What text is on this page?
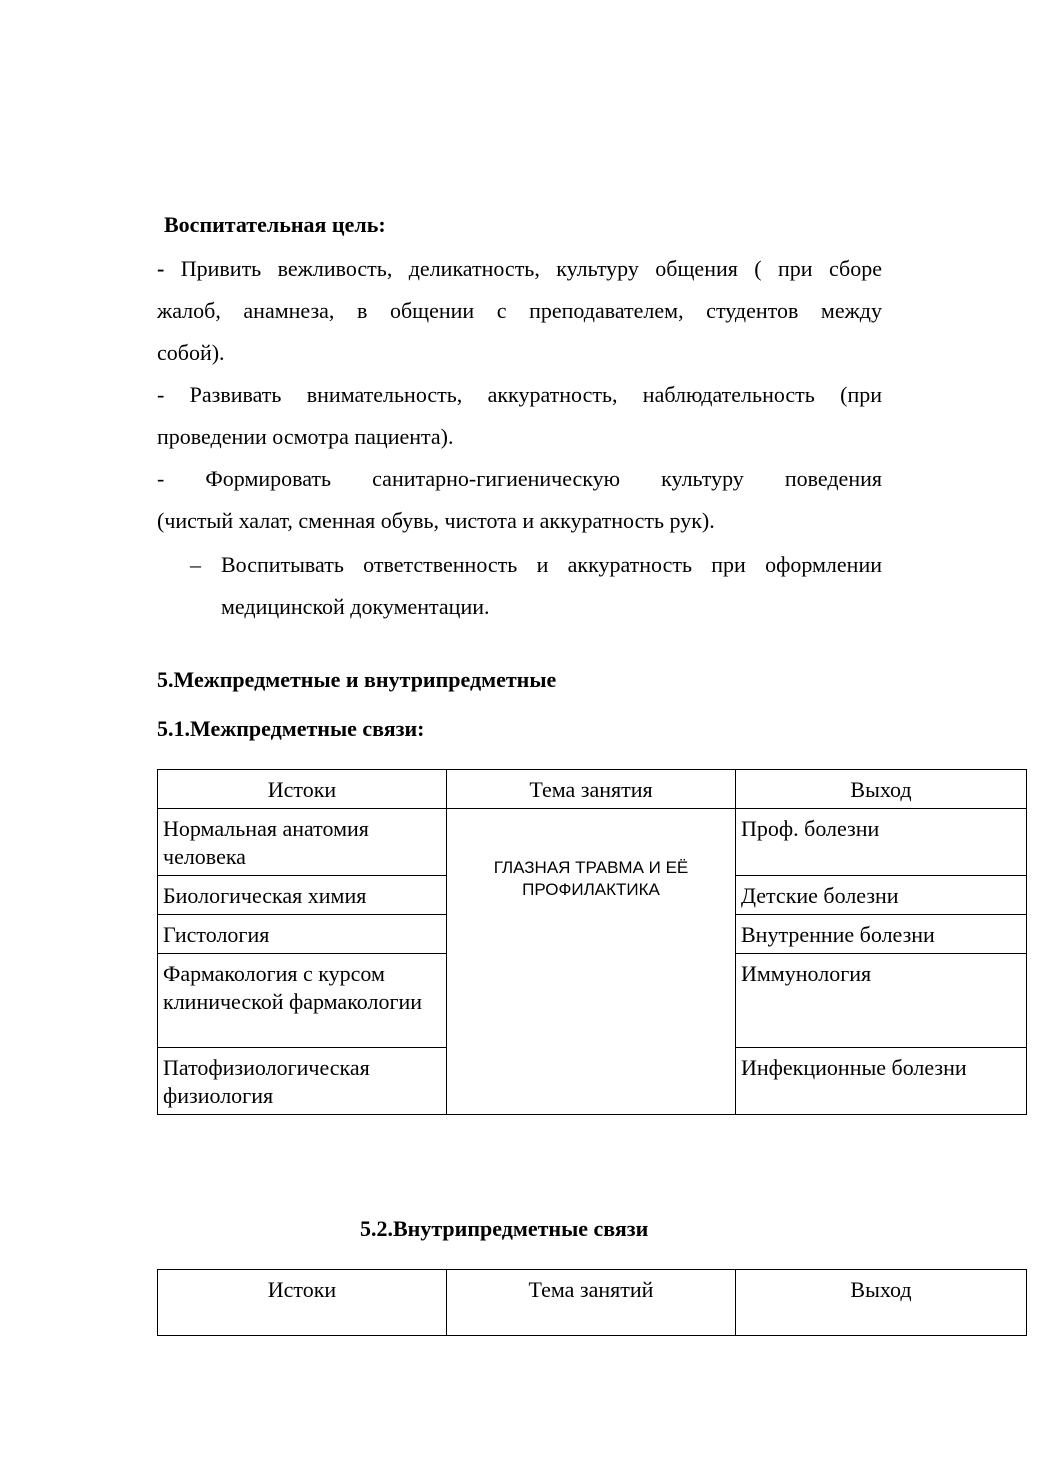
Воспитательная цель:
- Привить вежливость, деликатность, культуру общения ( при сборе
жалоб, анамнеза, в общении с преподавателем, студентов между
собой).
- Развивать внимательность, аккуратность, наблюдательность (при
проведении осмотра пациента).
- Формировать санитарно-гигиеническую культуру поведения
(чистый халат, сменная обувь, чистота и аккуратность рук).
– Воспитывать ответственность и аккуратность при оформлении
медицинской документации.
5.Межпредметные и внутрипредметные
5.1.Межпредметные связи:
Истоки	Тема занятия	Выход
Нормальная анатомия человека	ГЛАЗНАЯ ТРАВМА И ЕЁ ПРОФИЛАКТИКА	Проф. болезни
Биологическая химия		Детские болезни
Гистология		Внутренние болезни
Фармакология с курсом клинической фармакологии		Иммунология
Патофизиологическая физиология		Инфекционные болезни
5.2.Внутрипредметные связи
Истоки	Тема занятий	Выход
